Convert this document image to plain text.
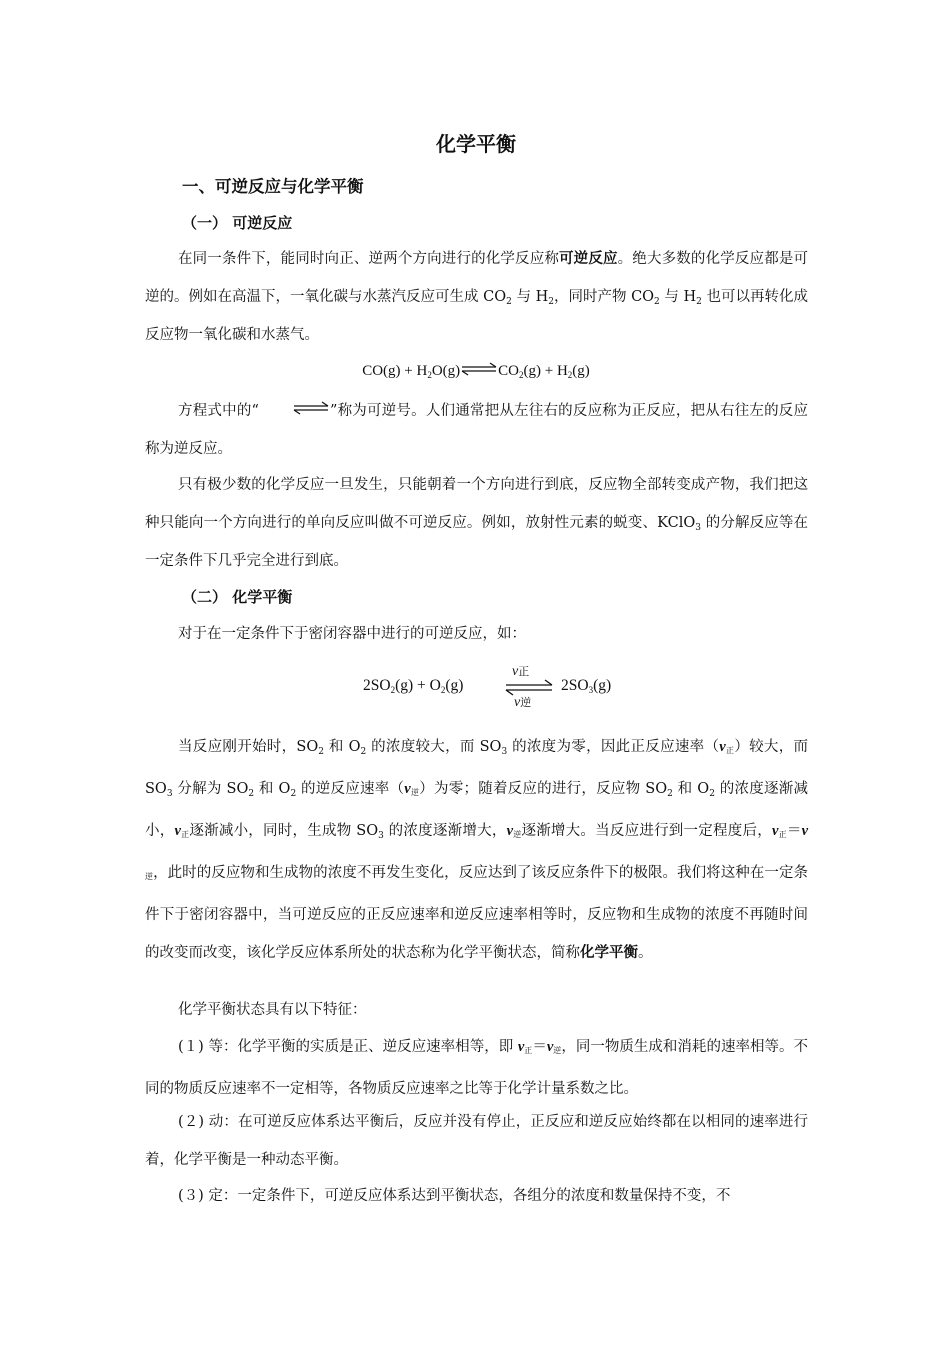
化学平衡
一、可逆反应与化学平衡
（一） 可逆反应
在同一条件下，能同时向正、逆两个方向进行的化学反应称可逆反应。绝大多数的化学反应都是可逆的。例如在高温下，一氧化碳与水蒸汽反应可生成 $CO_2$ 与 $H_2$，同时产物 $CO_2$ 与 $H_2$ 也可以再转化成反应物一氧化碳和水蒸气。
$CO(g) + H_2O(g)\rightleftharpoons CO_2(g) + H_2(g)$
方程式中的“	”称为可逆号。人们通常把从左往右的反应称为正反应，把从右往左的反应称为逆反应。
只有极少数的化学反应一旦发生，只能朝着一个方向进行到底，反应物全部转变成产物，我们把这种只能向一个方向进行的单向反应叫做不可逆反应。例如，放射性元素的蜕变、KClO$_3$ 的分解反应等在一定条件下几乎完全进行到底。
（二） 化学平衡
对于在一定条件下于密闭容器中进行的可逆反应，如：
$2SO_2(g) + O_2(g)$
v正
v逆
$2SO_3(g)$
当反应刚开始时，$SO_2$ 和 $O_2$ 的浓度较大，而 $SO_3$ 的浓度为零，因此正反应速率（v正）较大，而 $SO_3$ 分解为 $SO_2$ 和 $O_2$ 的逆反应速率（v逆）为零；随着反应的进行，反应物 $SO_2$ 和 $O_2$ 的浓度逐渐减小，v正逐渐减小，同时，生成物 $SO_3$ 的浓度逐渐增大，v逆逐渐增大。当反应进行到一定程度后，v正＝v逆，此时的反应物和生成物的浓度不再发生变化，反应达到了该反应条件下的极限。我们将这种在一定条件下于密闭容器中，当可逆反应的正反应速率和逆反应速率相等时，反应物和生成物的浓度不再随时间的改变而改变，该化学反应体系所处的状态称为化学平衡状态，简称化学平衡。
化学平衡状态具有以下特征：
(１) 等：化学平衡的实质是正、逆反应速率相等，即 v正＝v逆，同一物质生成和消耗的速率相等。不同的物质反应速率不一定相等，各物质反应速率之比等于化学计量系数之比。
(２) 动：在可逆反应体系达平衡后，反应并没有停止，正反应和逆反应始终都在以相同的速率进行着，化学平衡是一种动态平衡。
(３) 定：一定条件下，可逆反应体系达到平衡状态，各组分的浓度和数量保持不变，不
